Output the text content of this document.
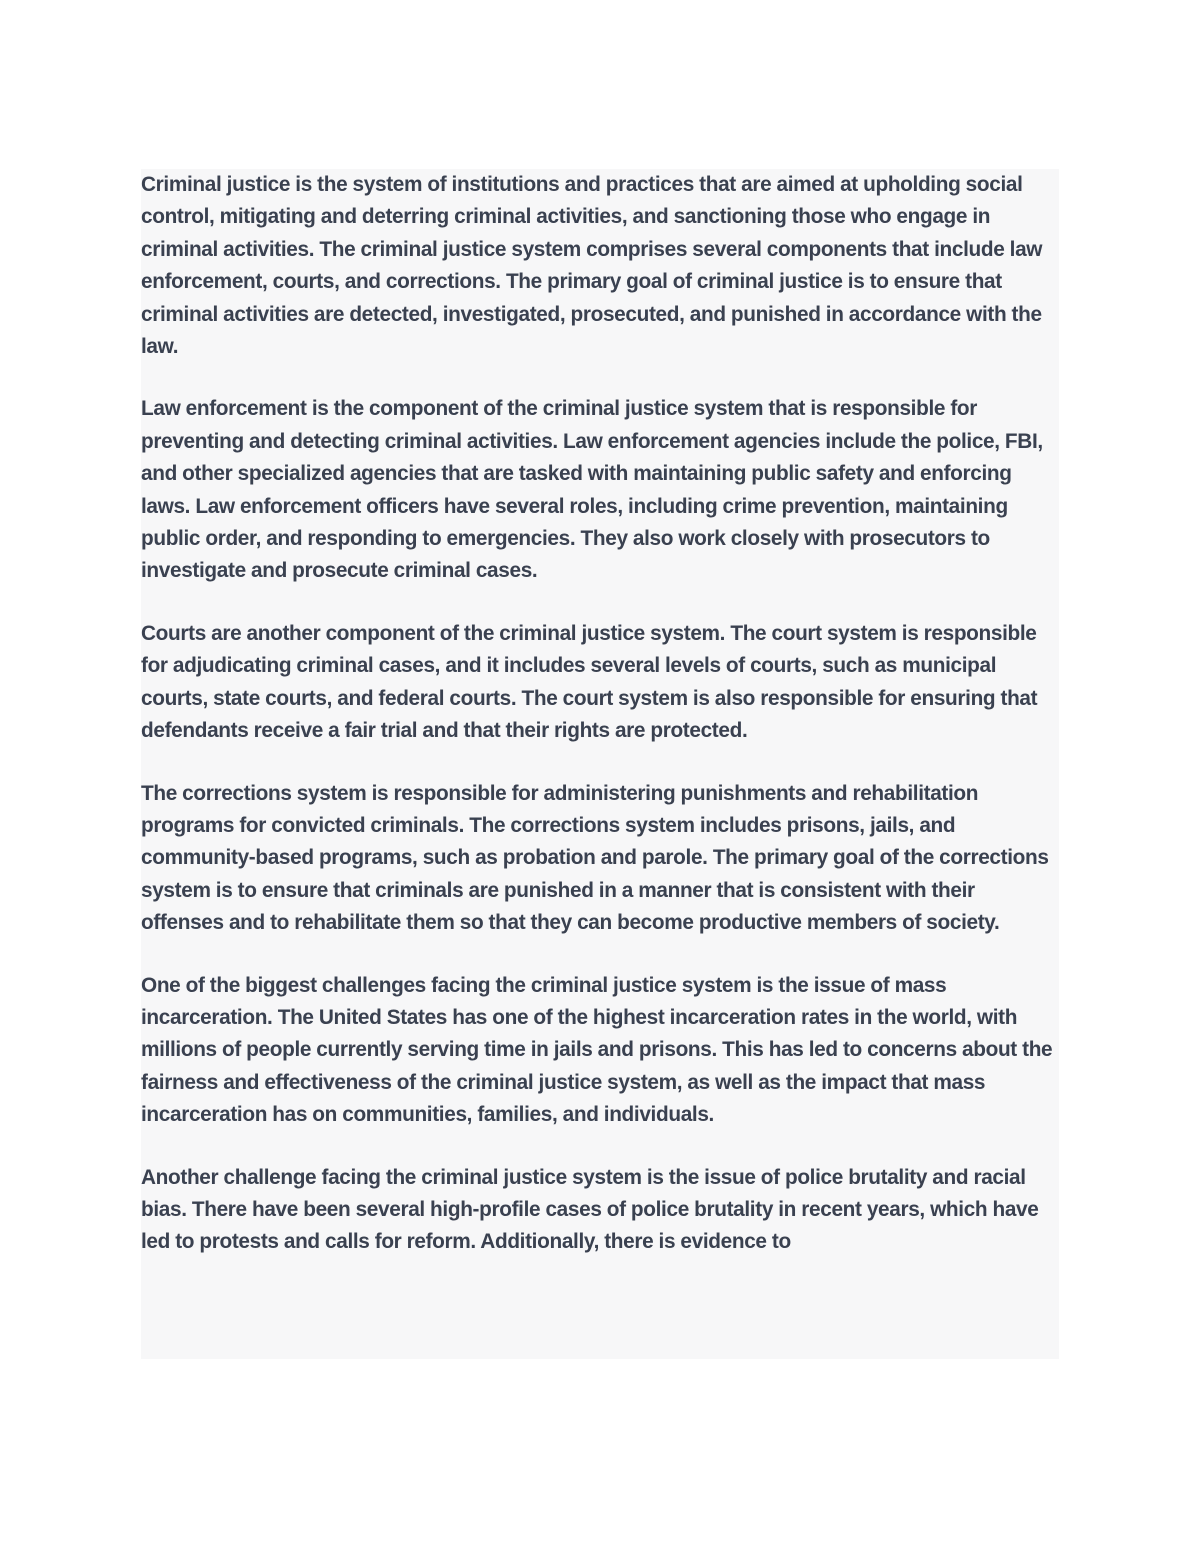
Criminal justice is the system of institutions and practices that are aimed at upholding social control, mitigating and deterring criminal activities, and sanctioning those who engage in criminal activities. The criminal justice system comprises several components that include law enforcement, courts, and corrections. The primary goal of criminal justice is to ensure that criminal activities are detected, investigated, prosecuted, and punished in accordance with the law.

Law enforcement is the component of the criminal justice system that is responsible for preventing and detecting criminal activities. Law enforcement agencies include the police, FBI, and other specialized agencies that are tasked with maintaining public safety and enforcing laws. Law enforcement officers have several roles, including crime prevention, maintaining public order, and responding to emergencies. They also work closely with prosecutors to investigate and prosecute criminal cases.

Courts are another component of the criminal justice system. The court system is responsible for adjudicating criminal cases, and it includes several levels of courts, such as municipal courts, state courts, and federal courts. The court system is also responsible for ensuring that defendants receive a fair trial and that their rights are protected.

The corrections system is responsible for administering punishments and rehabilitation programs for convicted criminals. The corrections system includes prisons, jails, and community-based programs, such as probation and parole. The primary goal of the corrections system is to ensure that criminals are punished in a manner that is consistent with their offenses and to rehabilitate them so that they can become productive members of society.

One of the biggest challenges facing the criminal justice system is the issue of mass incarceration. The United States has one of the highest incarceration rates in the world, with millions of people currently serving time in jails and prisons. This has led to concerns about the fairness and effectiveness of the criminal justice system, as well as the impact that mass incarceration has on communities, families, and individuals.

Another challenge facing the criminal justice system is the issue of police brutality and racial bias. There have been several high-profile cases of police brutality in recent years, which have led to protests and calls for reform. Additionally, there is evidence to
